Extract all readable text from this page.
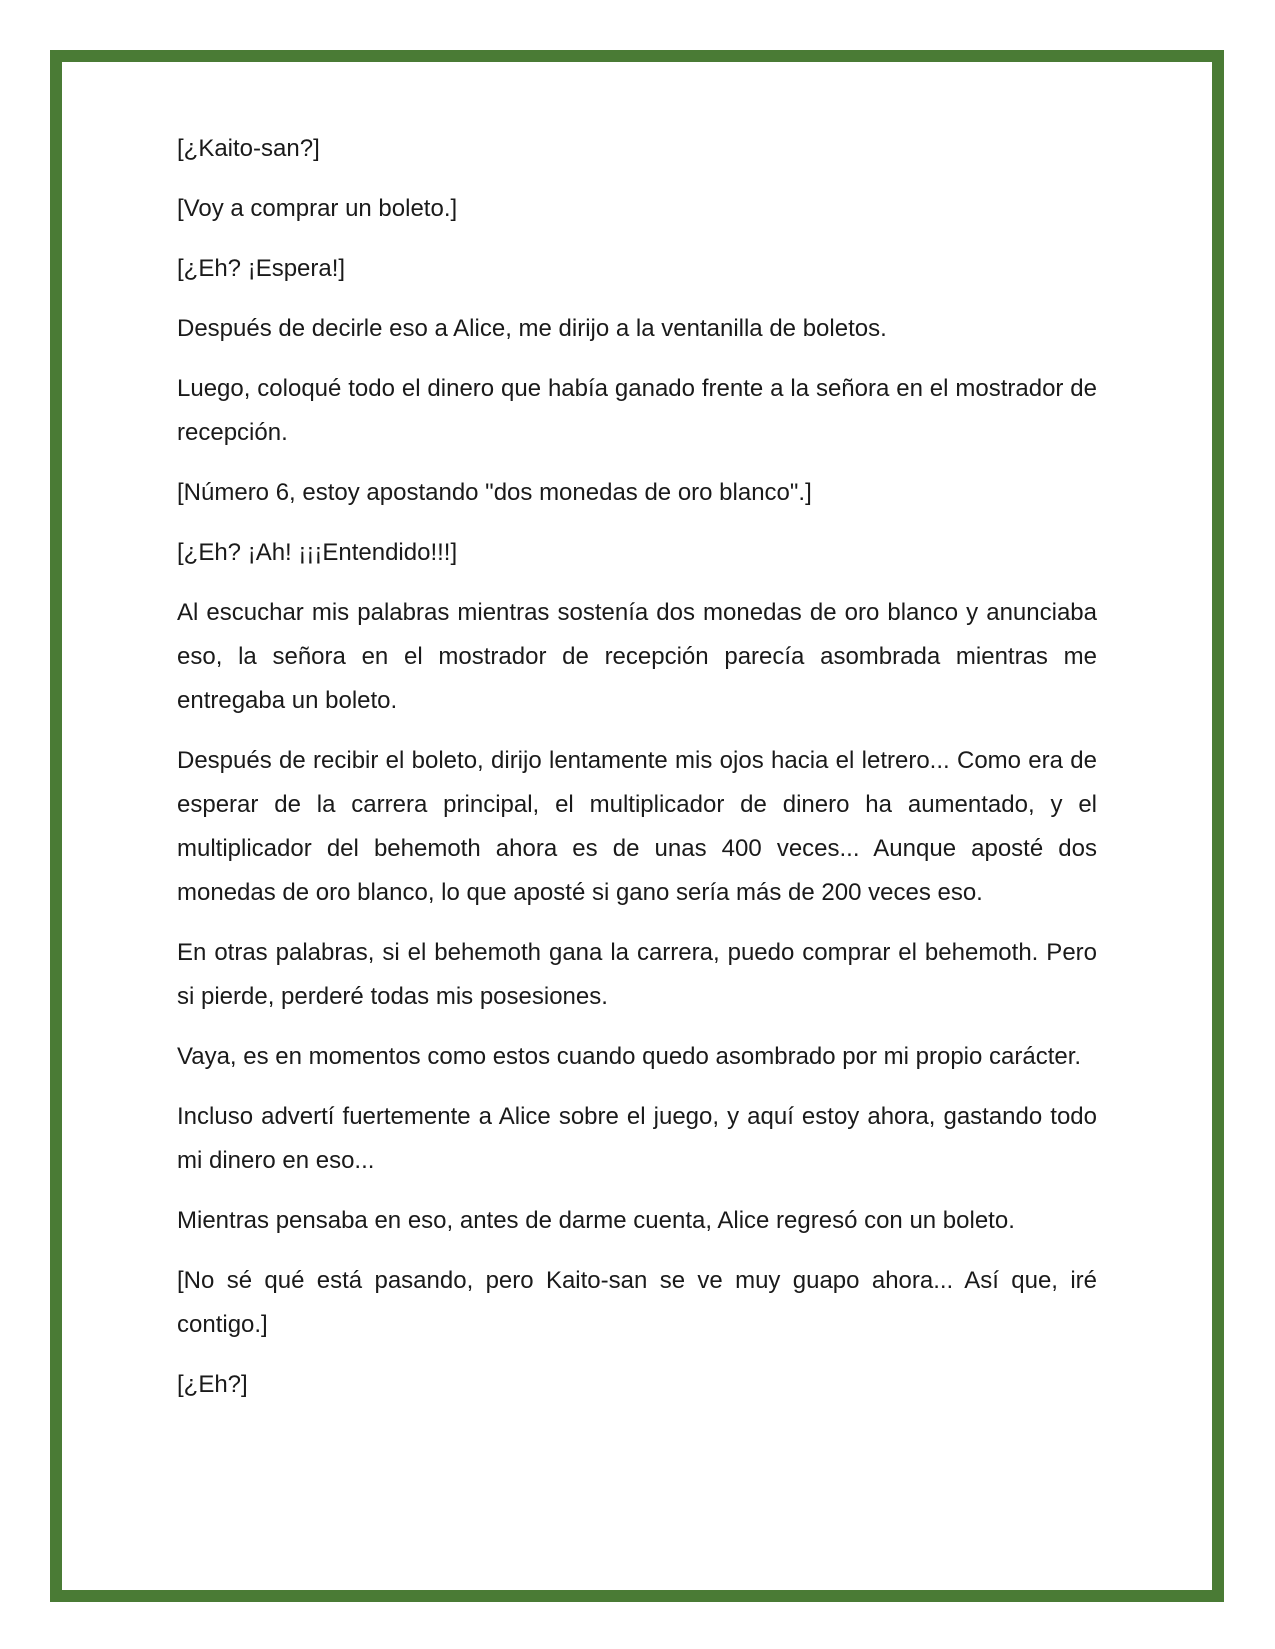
[¿Kaito-san?]

[Voy a comprar un boleto.]

[¿Eh? ¡Espera!]

Después de decirle eso a Alice, me dirijo a la ventanilla de boletos.

Luego, coloqué todo el dinero que había ganado frente a la señora en el mostrador de recepción.

[Número 6, estoy apostando "dos monedas de oro blanco".]

[¿Eh? ¡Ah! ¡¡¡Entendido!!!]

Al escuchar mis palabras mientras sostenía dos monedas de oro blanco y anunciaba eso, la señora en el mostrador de recepción parecía asombrada mientras me entregaba un boleto.

Después de recibir el boleto, dirijo lentamente mis ojos hacia el letrero... Como era de esperar de la carrera principal, el multiplicador de dinero ha aumentado, y el multiplicador del behemoth ahora es de unas 400 veces... Aunque aposté dos monedas de oro blanco, lo que aposté si gano sería más de 200 veces eso.

En otras palabras, si el behemoth gana la carrera, puedo comprar el behemoth. Pero si pierde, perderé todas mis posesiones.

Vaya, es en momentos como estos cuando quedo asombrado por mi propio carácter.

Incluso advertí fuertemente a Alice sobre el juego, y aquí estoy ahora, gastando todo mi dinero en eso...

Mientras pensaba en eso, antes de darme cuenta, Alice regresó con un boleto.

[No sé qué está pasando, pero Kaito-san se ve muy guapo ahora... Así que, iré contigo.]

[¿Eh?]
